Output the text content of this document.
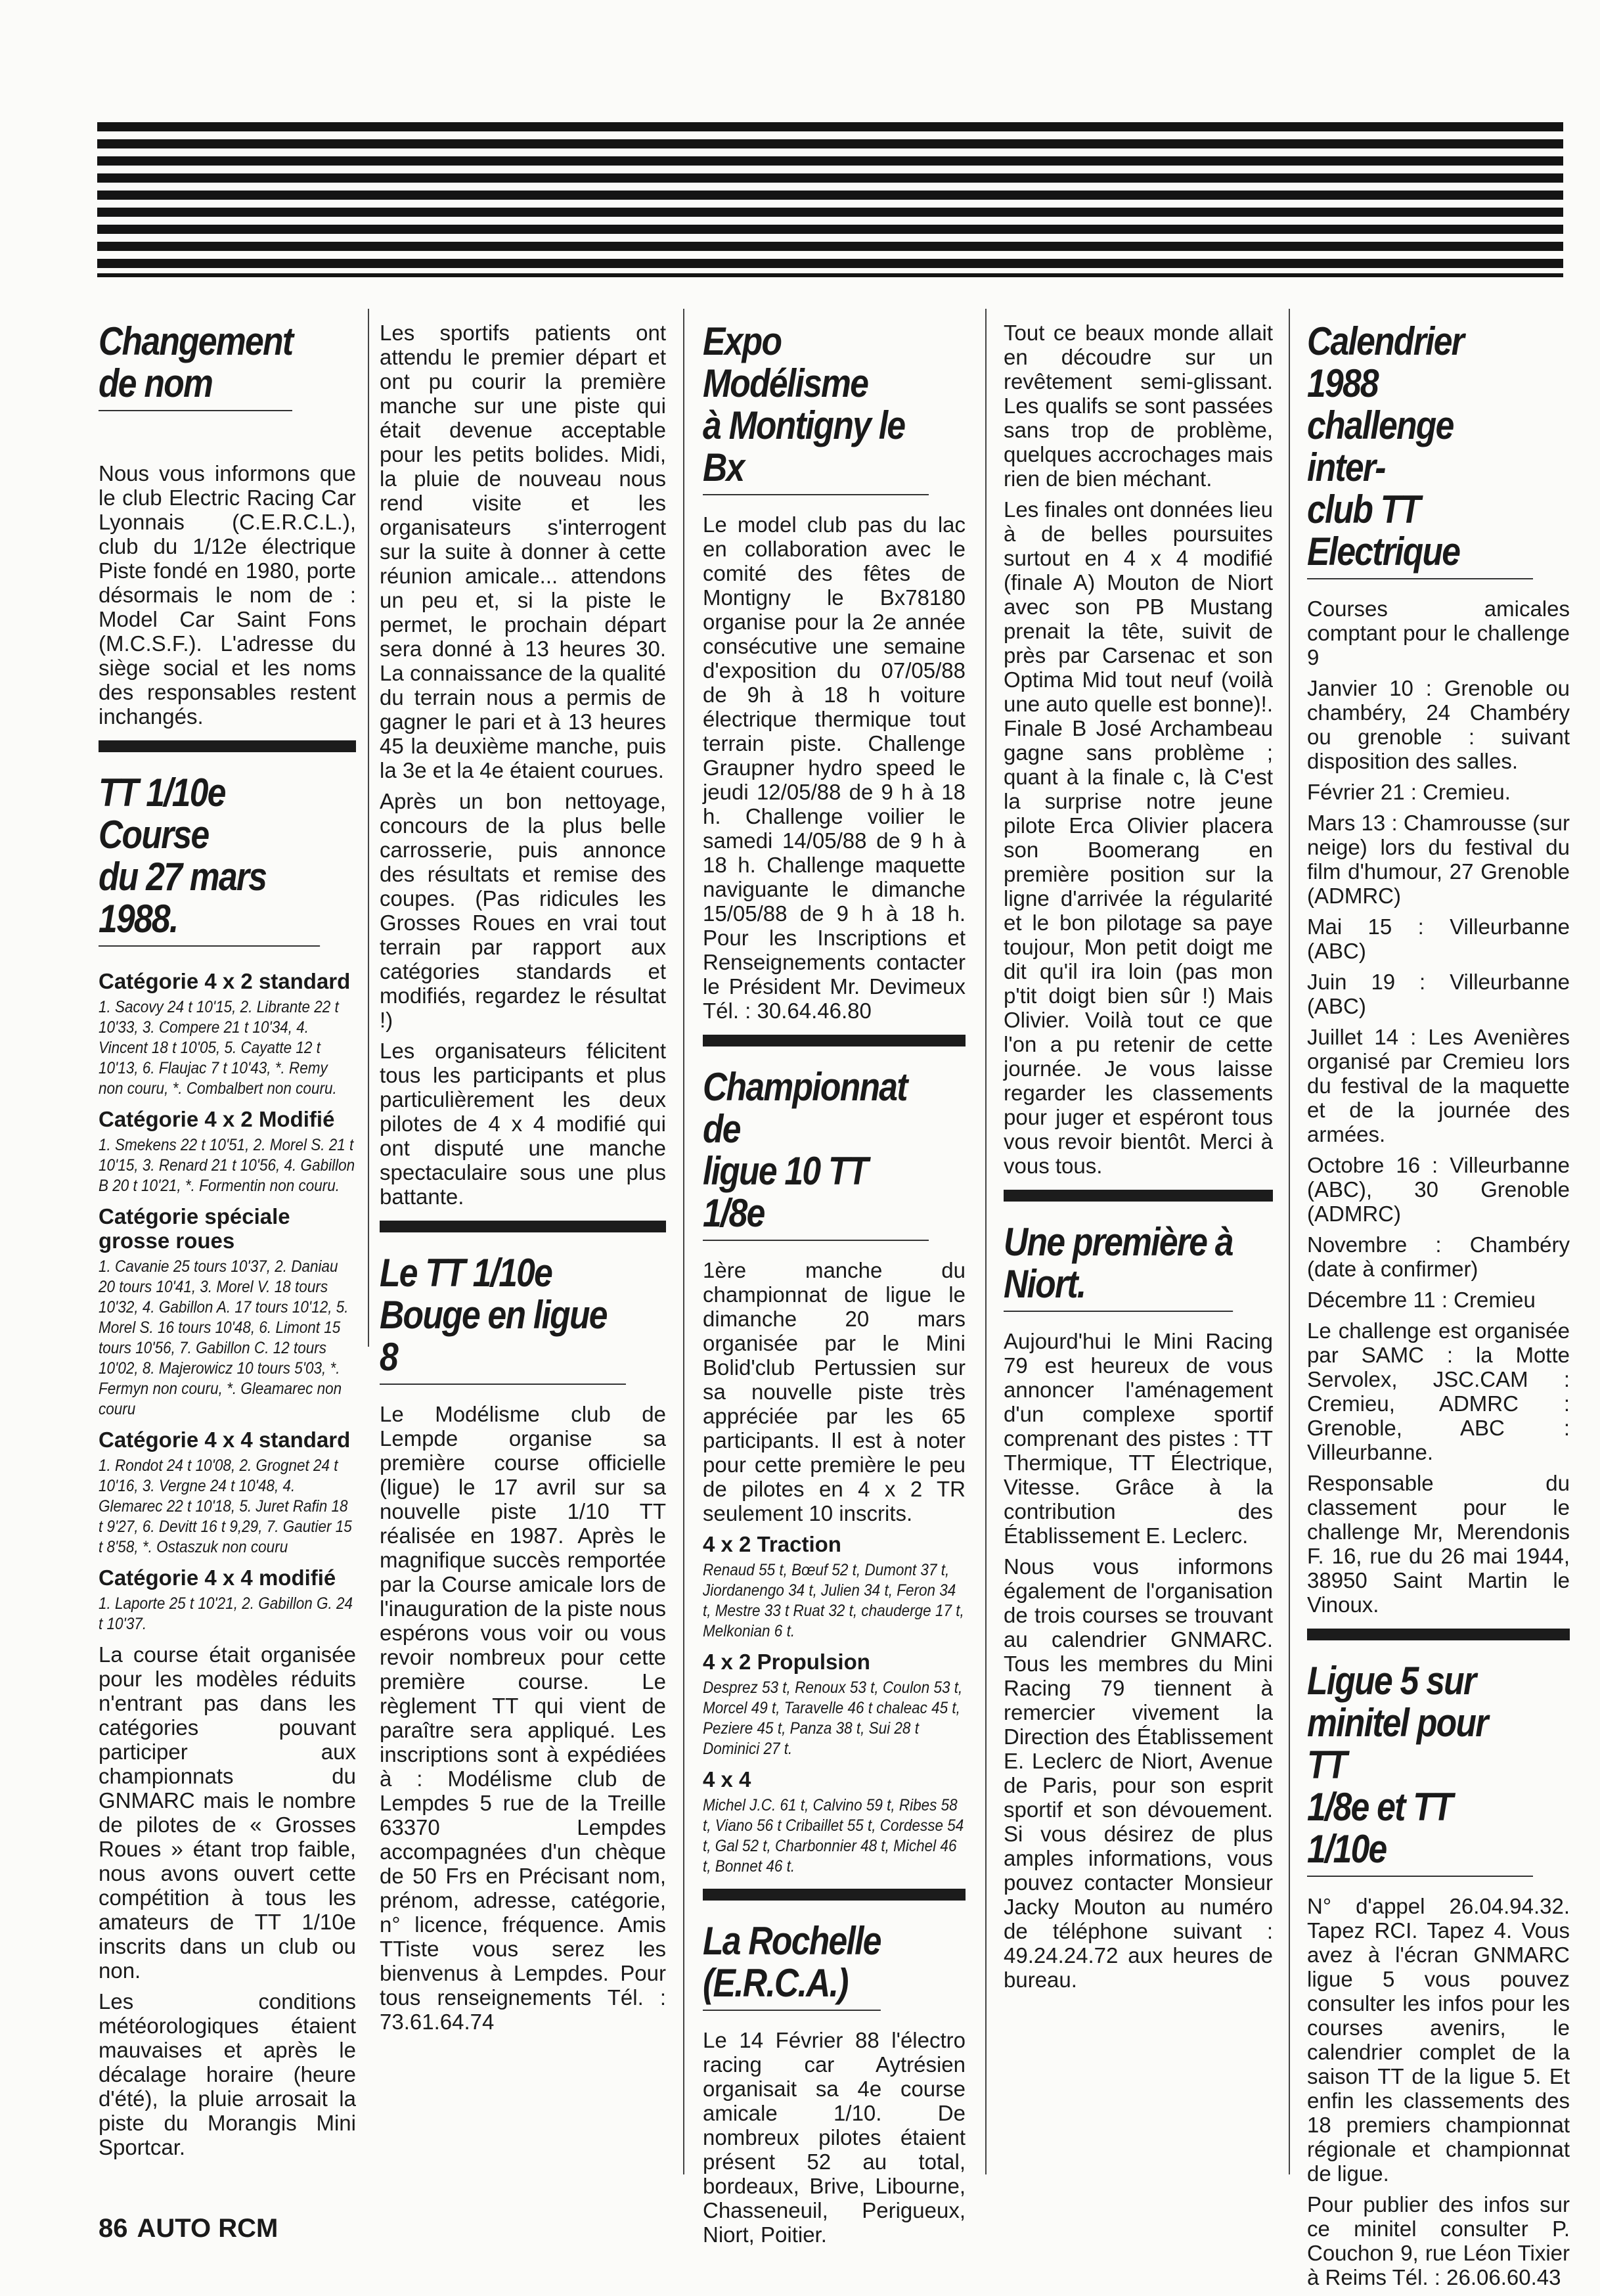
Changement
de nom

Nous vous informons que le club Electric Racing Car Lyonnais (C.E.R.C.L.), club du 1/12e électrique Piste fondé en 1980, porte désormais le nom de : Model Car Saint Fons (M.C.S.F.). L'adresse du siège social et les noms des responsables restent inchangés.

TT 1/10e Course
du 27 mars
1988.
Catégorie 4 x 2 standard
1. Sacovy 24 t 10'15, 2. Librante 22 t 10'33, 3. Compere 21 t 10'34, 4. Vincent 18 t 10'05, 5. Cayatte 12 t 10'13, 6. Flaujac 7 t 10'43, *. Remy non couru, *. Combalbert non couru.
Catégorie 4 x 2 Modifié
1. Smekens 22 t 10'51, 2. Morel S. 21 t 10'15, 3. Renard 21 t 10'56, 4. Gabillon B 20 t 10'21, *. Formentin non couru.
Catégorie spéciale grosse roues
1. Cavanie 25 tours 10'37, 2. Daniau 20 tours 10'41, 3. Morel V. 18 tours 10'32, 4. Gabillon A. 17 tours 10'12, 5. Morel S. 16 tours 10'48, 6. Limont 15 tours 10'56, 7. Gabillon C. 12 tours 10'02, 8. Majerowicz 10 tours 5'03, *. Fermyn non couru, *. Gleamarec non couru
Catégorie 4 x 4 standard
1. Rondot 24 t 10'08, 2. Grognet 24 t 10'16, 3. Vergne 24 t 10'48, 4. Glemarec 22 t 10'18, 5. Juret Rafin 18 t 9'27, 6. Devitt 16 t 9,29, 7. Gautier 15 t 8'58, *. Ostaszuk non couru
Catégorie 4 x 4 modifié
1. Laporte 25 t 10'21, 2. Gabillon G. 24 t 10'37.

La course était organisée pour les modèles réduits n'entrant pas dans les catégories pouvant participer aux championnats du GNMARC mais le nombre de pilotes de « Grosses Roues » étant trop faible, nous avons ouvert cette compétition à tous les amateurs de TT 1/10e inscrits dans un club ou non.

Les conditions météorologiques étaient mauvaises et après le décalage horaire (heure d'été), la pluie arrosait la piste du Morangis Mini Sportcar.

Les sportifs patients ont attendu le premier départ et ont pu courir la première manche sur une piste qui était devenue acceptable pour les petits bolides. Midi, la pluie de nouveau nous rend visite et les organisateurs s'interrogent sur la suite à donner à cette réunion amicale... attendons un peu et, si la piste le permet, le prochain départ sera donné à 13 heures 30. La connaissance de la qualité du terrain nous a permis de gagner le pari et à 13 heures 45 la deuxième manche, puis la 3e et la 4e étaient courues.

Après un bon nettoyage, concours de la plus belle carrosserie, puis annonce des résultats et remise des coupes. (Pas ridicules les Grosses Roues en vrai tout terrain par rapport aux catégories standards et modifiés, regardez le résultat !)

Les organisateurs félicitent tous les participants et plus particulièrement les deux pilotes de 4 x 4 modifié qui ont disputé une manche spectaculaire sous une plus battante.

Le TT 1/10e
Bouge en ligue 8

Le Modélisme club de Lempde organise sa première course officielle (ligue) le 17 avril sur sa nouvelle piste 1/10 TT réalisée en 1987. Après le magnifique succès remportée par la Course amicale lors de l'inauguration de la piste nous espérons vous voir ou vous revoir nombreux pour cette première course. Le règlement TT qui vient de paraître sera appliqué. Les inscriptions sont à expédiées à : Modélisme club de Lempdes 5 rue de la Treille 63370 Lempdes accompagnées d'un chèque de 50 Frs en Précisant nom, prénom, adresse, catégorie, n° licence, fréquence. Amis TTiste vous serez les bienvenus à Lempdes. Pour tous renseignements Tél. : 73.61.64.74

Expo Modélisme
à Montigny le Bx

Le model club pas du lac en collaboration avec le comité des fêtes de Montigny le Bx78180 organise pour la 2e année consécutive une semaine d'exposition du 07/05/88 de 9h à 18 h voiture électrique thermique tout terrain piste. Challenge Graupner hydro speed le jeudi 12/05/88 de 9 h à 18 h. Challenge voilier le samedi 14/05/88 de 9 h à 18 h. Challenge maquette naviguante le dimanche 15/05/88 de 9 h à 18 h. Pour les Inscriptions et Renseignements contacter le Président Mr. Devimeux Tél. : 30.64.46.80

Championnat de
ligue 10 TT 1/8e

1ère manche du championnat de ligue le dimanche 20 mars organisée par le Mini Bolid'club Pertussien sur sa nouvelle piste très appréciée par les 65 participants. Il est à noter pour cette première le peu de pilotes en 4 x 2 TR seulement 10 inscrits.

4 x 2 Traction
Renaud 55 t, Bœuf 52 t, Dumont 37 t, Jiordanengo 34 t, Julien 34 t, Feron 34 t, Mestre 33 t Ruat 32 t, chauderge 17 t, Melkonian 6 t.
4 x 2 Propulsion
Desprez 53 t, Renoux 53 t, Coulon 53 t, Morcel 49 t, Taravelle 46 t chaleac 45 t, Peziere 45 t, Panza 38 t, Sui 28 t Dominici 27 t.
4 x 4
Michel J.C. 61 t, Calvino 59 t, Ribes 58 t, Viano 56 t Cribaillet 55 t, Cordesse 54 t, Gal 52 t, Charbonnier 48 t, Michel 46 t, Bonnet 46 t.
La Rochelle
(E.R.C.A.)

Le 14 Février 88 l'électro racing car Aytrésien organisait sa 4e course amicale 1/10. De nombreux pilotes étaient présent 52 au total, bordeaux, Brive, Libourne, Chasseneuil, Perigueux, Niort, Poitier.

Tout ce beaux monde allait en découdre sur un revêtement semi-glissant. Les qualifs se sont passées sans trop de problème, quelques accrochages mais rien de bien méchant.

Les finales ont données lieu à de belles poursuites surtout en 4 x 4 modifié (finale A) Mouton de Niort avec son PB Mustang prenait la tête, suivit de près par Carsenac et son Optima Mid tout neuf (voilà une auto quelle est bonne)!. Finale B José Archambeau gagne sans problème ; quant à la finale c, là C'est la surprise notre jeune pilote Erca Olivier placera son Boomerang en première position sur la ligne d'arrivée la régularité et le bon pilotage sa paye toujour, Mon petit doigt me dit qu'il ira loin (pas mon p'tit doigt bien sûr !) Mais Olivier. Voilà tout ce que l'on a pu retenir de cette journée. Je vous laisse regarder les classements pour juger et espéront tous vous revoir bientôt. Merci à vous tous.

Une première à
Niort.

Aujourd'hui le Mini Racing 79 est heureux de vous annoncer l'aménagement d'un complexe sportif comprenant des pistes : TT Thermique, TT Électrique, Vitesse. Grâce à la contribution des Établissement E. Leclerc.

Nous vous informons également de l'organisation de trois courses se trouvant au calendrier GNMARC. Tous les membres du Mini Racing 79 tiennent à remercier vivement la Direction des Établissement E. Leclerc de Niort, Avenue de Paris, pour son esprit sportif et son dévouement. Si vous désirez de plus amples informations, vous pouvez contacter Monsieur Jacky Mouton au numéro de téléphone suivant : 49.24.24.72 aux heures de bureau.

Calendrier 1988
challenge inter-
club TT Electrique

Courses amicales comptant pour le challenge 9

Janvier 10 : Grenoble ou chambéry, 24 Chambéry ou grenoble : suivant disposition des salles.

Février 21 : Cremieu.

Mars 13 : Chamrousse (sur neige) lors du festival du film d'humour, 27 Grenoble (ADMRC)

Mai 15 : Villeurbanne (ABC)

Juin 19 : Villeurbanne (ABC)

Juillet 14 : Les Avenières organisé par Cremieu lors du festival de la maquette et de la journée des armées.

Octobre 16 : Villeurbanne (ABC), 30 Grenoble (ADMRC)

Novembre : Chambéry (date à confirmer)

Décembre 11 : Cremieu

Le challenge est organisée par SAMC : la Motte Servolex, JSC.CAM : Cremieu, ADMRC : Grenoble, ABC : Villeurbanne.

Responsable du classement pour le challenge Mr, Merendonis F. 16, rue du 26 mai 1944, 38950 Saint Martin le Vinoux.

Ligue 5 sur
minitel pour TT
1/8e et TT 1/10e

N° d'appel 26.04.94.32. Tapez RCI. Tapez 4. Vous avez à l'écran GNMARC ligue 5 vous pouvez consulter les infos pour les courses avenirs, le calendrier complet de la saison TT de la ligue 5. Et enfin les classements des 18 premiers championnat régionale et championnat de ligue.

Pour publier des infos sur ce minitel consulter P. Couchon 9, rue Léon Tixier à Reims Tél. : 26.06.60.43

86 AUTO RCM
